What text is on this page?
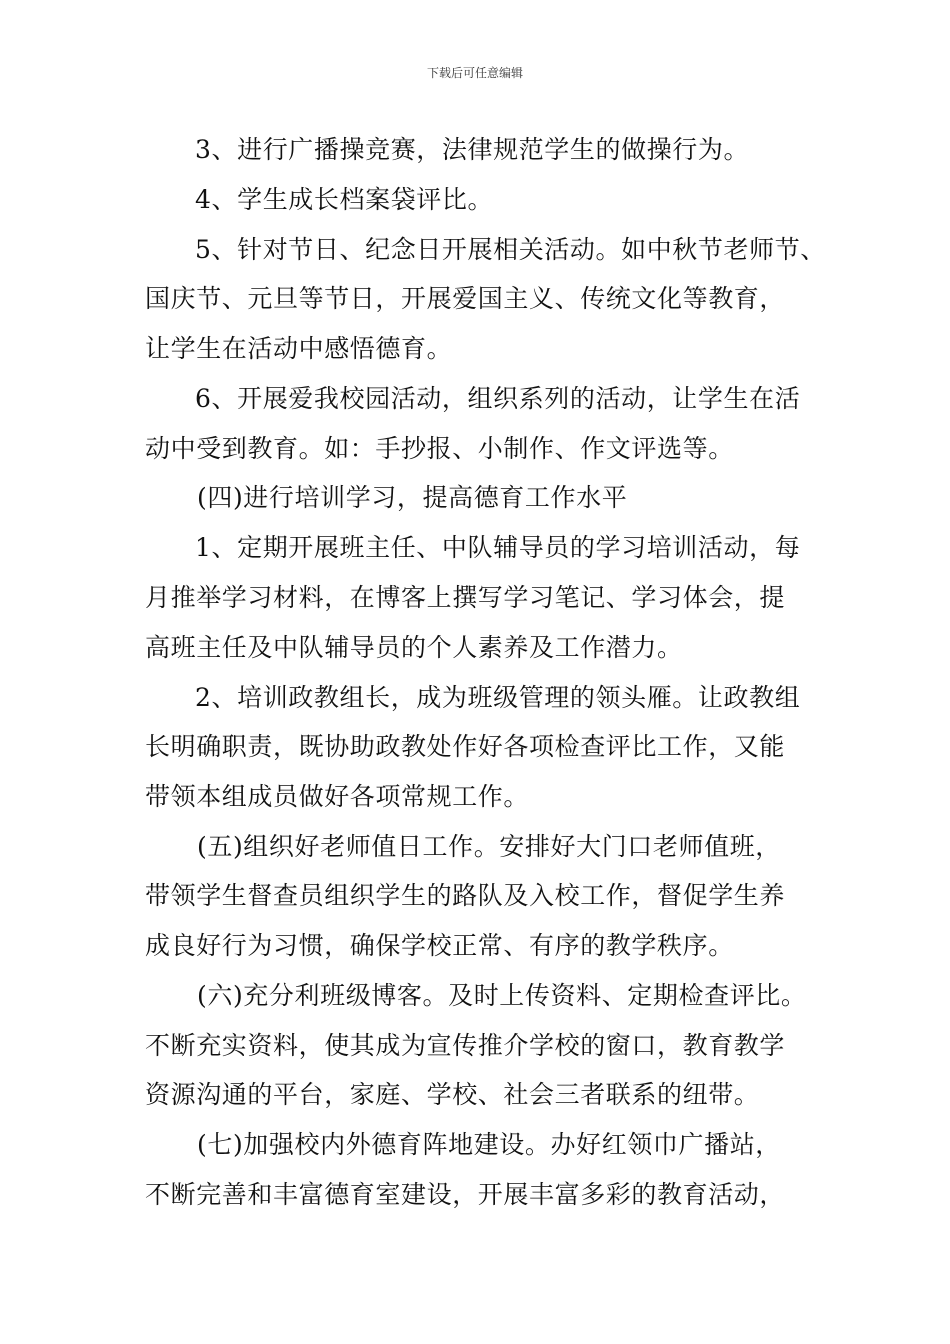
下载后可任意编辑
3、进行广播操竞赛，法律规范学生的做操行为。
4、学生成长档案袋评比。
5、针对节日、纪念日开展相关活动。如中秋节老师节、
国庆节、元旦等节日，开展爱国主义、传统文化等教育，
让学生在活动中感悟德育。
6、开展爱我校园活动，组织系列的活动，让学生在活
动中受到教育。如：手抄报、小制作、作文评选等。
(四)进行培训学习，提高德育工作水平
1、定期开展班主任、中队辅导员的学习培训活动，每
月推举学习材料，在博客上撰写学习笔记、学习体会，提
高班主任及中队辅导员的个人素养及工作潜力。
2、培训政教组长，成为班级管理的领头雁。让政教组
长明确职责，既协助政教处作好各项检查评比工作，又能
带领本组成员做好各项常规工作。
(五)组织好老师值日工作。安排好大门口老师值班，
带领学生督查员组织学生的路队及入校工作，督促学生养
成良好行为习惯，确保学校正常、有序的教学秩序。
(六)充分利班级博客。及时上传资料、定期检查评比。
不断充实资料，使其成为宣传推介学校的窗口，教育教学
资源沟通的平台，家庭、学校、社会三者联系的纽带。
(七)加强校内外德育阵地建设。办好红领巾广播站，
不断完善和丰富德育室建设，开展丰富多彩的教育活动，
